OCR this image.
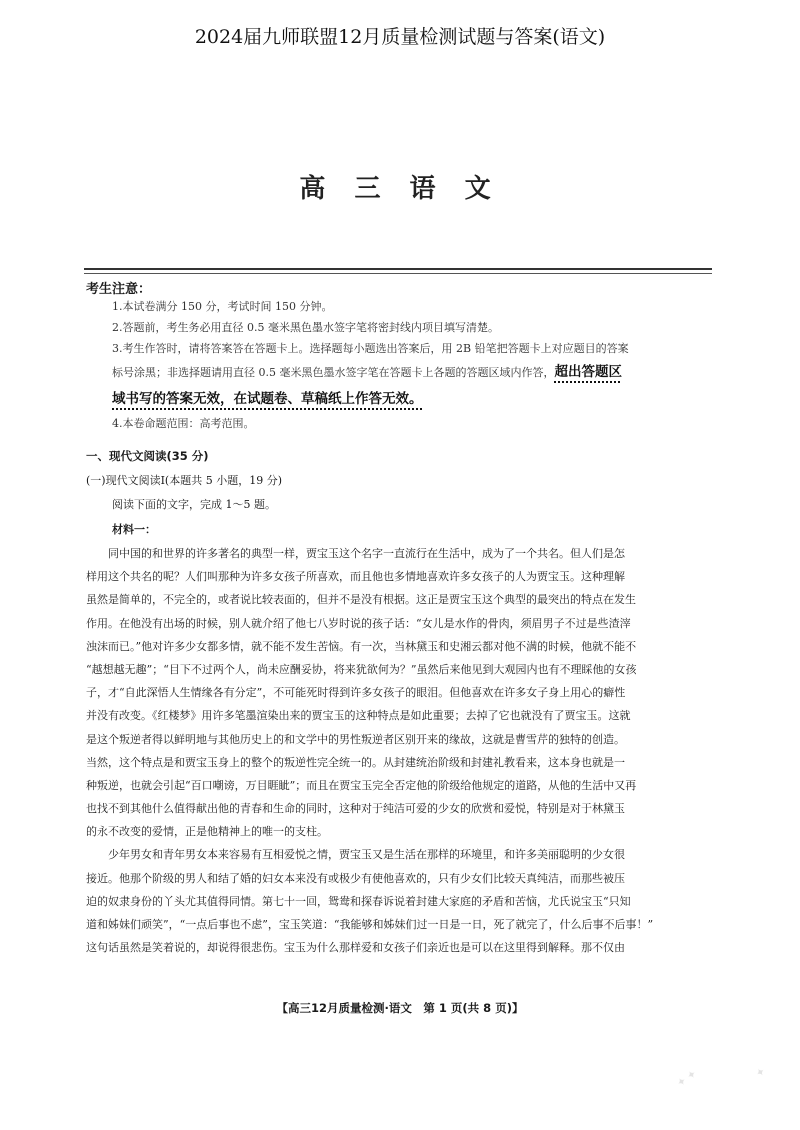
2024届九师联盟12月质量检测试题与答案(语文)
高 三 语 文
考生注意：
1.本试卷满分 150 分，考试时间 150 分钟。
2.答题前，考生务必用直径 0.5 毫米黑色墨水签字笔将密封线内项目填写清楚。
3.考生作答时，请将答案答在答题卡上。选择题每小题选出答案后，用 2B 铅笔把答题卡上对应题目的答案
标号涂黑；非选择题请用直径 0.5 毫米黑色墨水签字笔在答题卡上各题的答题区域内作答，超出答题区
域书写的答案无效，在试题卷、草稿纸上作答无效。
4.本卷命题范围：高考范围。
一、现代文阅读(35 分)
(一)现代文阅读Ⅰ(本题共 5 小题，19 分)
阅读下面的文字，完成 1～5 题。
材料一：
　　同中国的和世界的许多著名的典型一样，贾宝玉这个名字一直流行在生活中，成为了一个共名。但人们是怎
样用这个共名的呢？人们叫那种为许多女孩子所喜欢，而且他也多情地喜欢许多女孩子的人为贾宝玉。这种理解
虽然是简单的，不完全的，或者说比较表面的，但并不是没有根据。这正是贾宝玉这个典型的最突出的特点在发生
作用。在他没有出场的时候，别人就介绍了他七八岁时说的孩子话：“女儿是水作的骨肉，须眉男子不过是些渣滓
浊沫而已。”他对许多少女都多情，就不能不发生苦恼。有一次，当林黛玉和史湘云都对他不满的时候，他就不能不
“越想越无趣”；“目下不过两个人，尚未应酬妥协，将来犹欲何为？”虽然后来他见到大观园内也有不理睬他的女孩
子，才“自此深悟人生情缘各有分定”，不可能死时得到许多女孩子的眼泪。但他喜欢在许多女子身上用心的癖性
并没有改变。《红楼梦》用许多笔墨渲染出来的贾宝玉的这种特点是如此重要；去掉了它也就没有了贾宝玉。这就
是这个叛逆者得以鲜明地与其他历史上的和文学中的男性叛逆者区别开来的缘故，这就是曹雪芹的独特的创造。
当然，这个特点是和贾宝玉身上的整个的叛逆性完全统一的。从封建统治阶级和封建礼教看来，这本身也就是一
种叛逆，也就会引起“百口嘲谤，万目睚眦”；而且在贾宝玉完全否定他的阶级给他规定的道路，从他的生活中又再
也找不到其他什么值得献出他的青春和生命的同时，这种对于纯洁可爱的少女的欣赏和爱悦，特别是对于林黛玉
的永不改变的爱情，正是他精神上的唯一的支柱。
　　少年男女和青年男女本来容易有互相爱悦之情，贾宝玉又是生活在那样的环境里，和许多美丽聪明的少女很
接近。他那个阶级的男人和结了婚的妇女本来没有或极少有使他喜欢的，只有少女们比较天真纯洁，而那些被压
迫的奴隶身份的丫头尤其值得同情。第七十一回，鸳鸯和探春诉说着封建大家庭的矛盾和苦恼，尤氏说宝玉“只知
道和姊妹们顽笑”，“一点后事也不虑”，宝玉笑道：“我能够和姊妹们过一日是一日，死了就完了，什么后事不后事！”
这句话虽然是笑着说的，却说得很悲伤。宝玉为什么那样爱和女孩子们亲近也是可以在这里得到解释。那不仅由
【高三12月质量检测·语文　第 1 页(共 8 页)】
✦ ✦	✦
